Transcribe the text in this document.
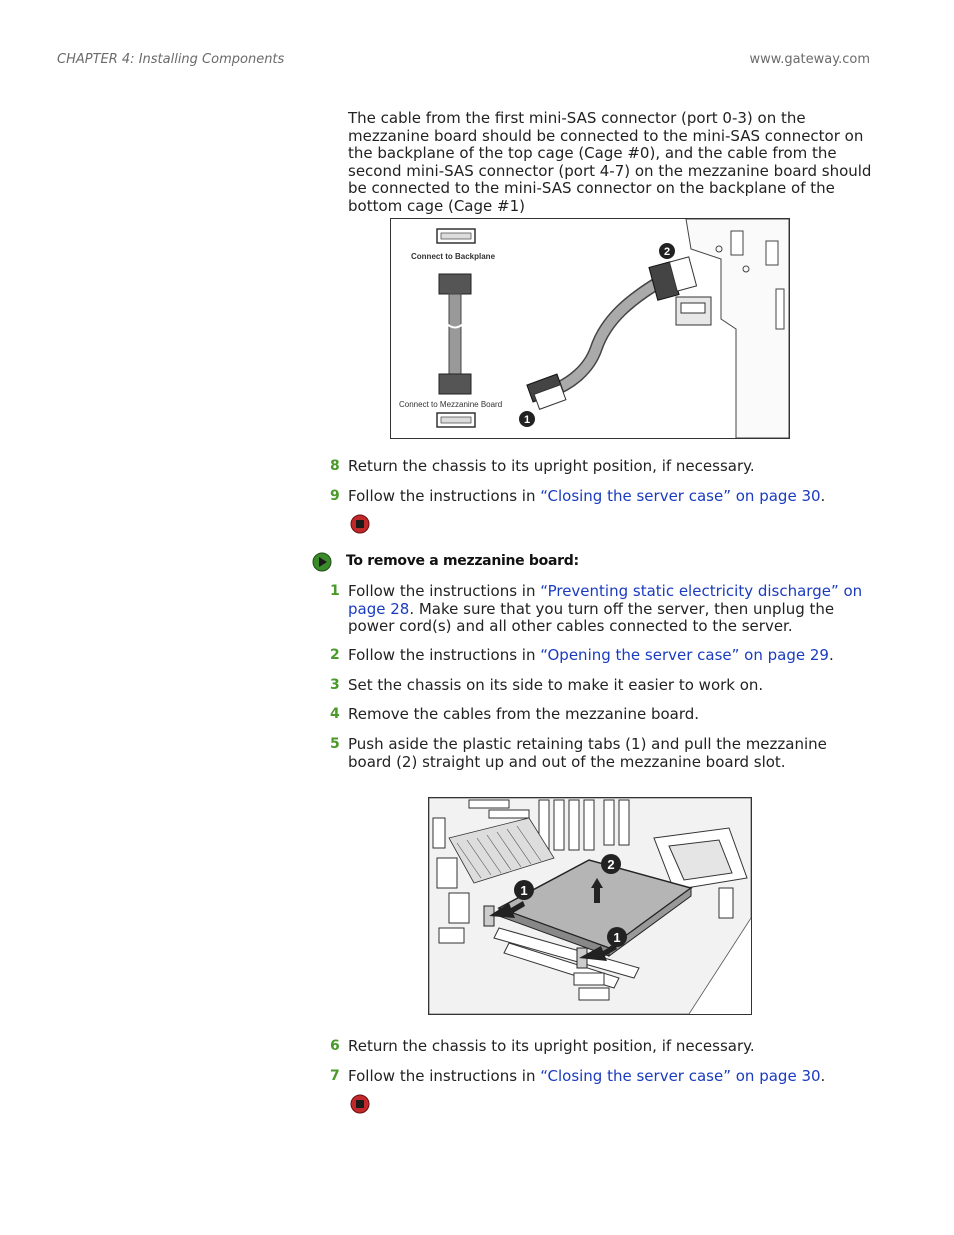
CHAPTER 4: Installing Components	www.gateway.com
The cable from the first mini-SAS connector (port 0-3) on the mezzanine board should be connected to the mini-SAS connector on the backplane of the top cage (Cage #0), and the cable from the second mini-SAS connector (port 4-7) on the mezzanine board should be connected to the mini-SAS connector on the backplane of the bottom cage (Cage #1)
Connect to Backplane
Connect to Mezzanine Board
2
1
8 Return the chassis to its upright position, if necessary.
9 Follow the instructions in “Closing the server case” on page 30.
To remove a mezzanine board:
1 Follow the instructions in “Preventing static electricity discharge” on
page 28. Make sure that you turn off the server, then unplug the power cord(s) and all other cables connected to the server.
2 Follow the instructions in “Opening the server case” on page 29.
3 Set the chassis on its side to make it easier to work on.
4 Remove the cables from the mezzanine board.
5 Push aside the plastic retaining tabs (1) and pull the mezzanine board (2) straight up and out of the mezzanine board slot.
1
1
2
6 Return the chassis to its upright position, if necessary.
7 Follow the instructions in “Closing the server case” on page 30.
